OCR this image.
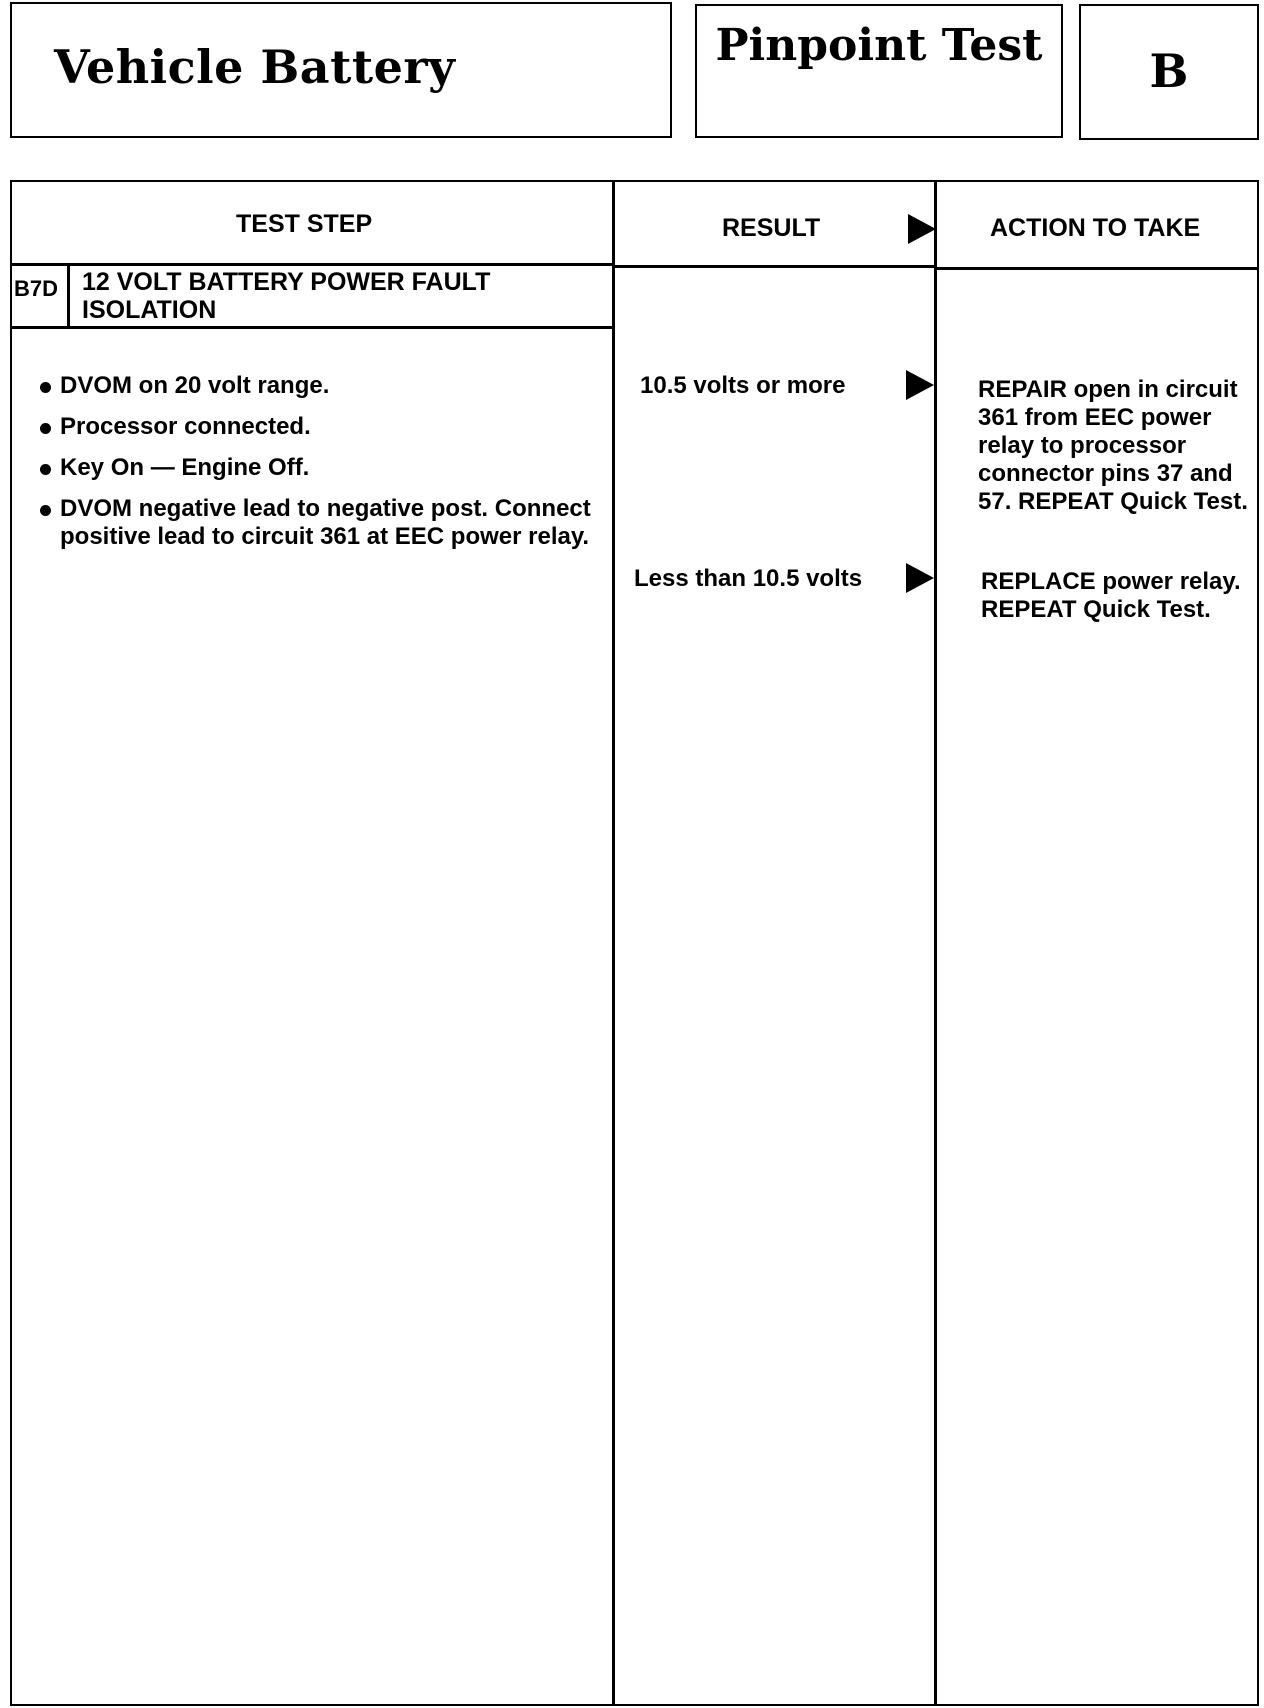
Vehicle Battery	Pinpoint Test	B
TEST STEP	RESULT	ACTION TO TAKE
B7D 12 VOLT BATTERY POWER FAULT ISOLATION
DVOM on 20 volt range.
Processor connected.
Key On — Engine Off.
DVOM negative lead to negative post. Connect positive lead to circuit 361 at EEC power relay.
10.5 volts or more	REPAIR open in circuit 361 from EEC power relay to processor connector pins 37 and 57. REPEAT Quick Test.
Less than 10.5 volts	REPLACE power relay. REPEAT Quick Test.
